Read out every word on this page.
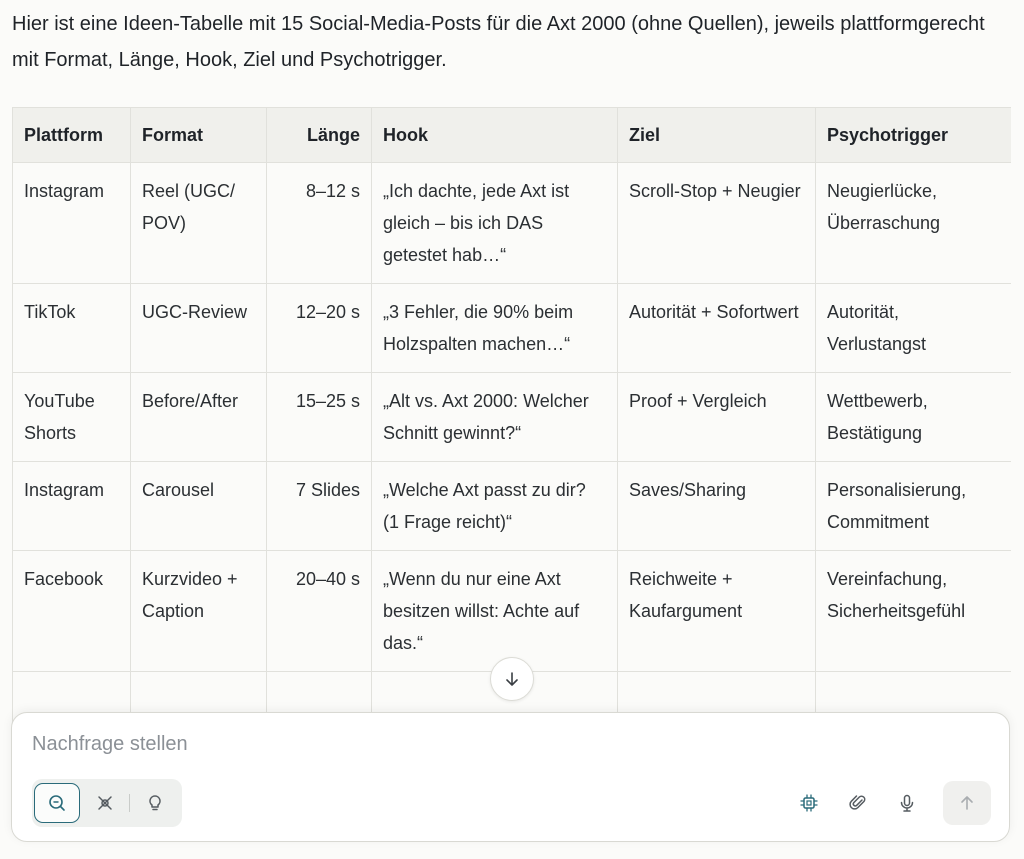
Hier ist eine Ideen-Tabelle mit 15 Social-Media-Posts für die Axt 2000 (ohne Quellen), jeweils plattformgerecht mit Format, Länge, Hook, Ziel und Psychotrigger.
Plattform	Format	Länge	Hook	Ziel	Psychotrigger
Instagram	Reel (UGC/ POV)	8–12 s	„Ich dachte, jede Axt ist gleich – bis ich DAS getestet hab…“	Scroll-Stop + Neugier	Neugierlücke, Überraschung
TikTok	UGC-Review	12–20 s	„3 Fehler, die 90% beim Holzspalten machen…“	Autorität + Sofortwert	Autorität, Verlustangst
YouTube Shorts	Before/After	15–25 s	„Alt vs. Axt 2000: Welcher Schnitt gewinnt?“	Proof + Vergleich	Wettbewerb, Bestätigung
Instagram	Carousel	7 Slides	„Welche Axt passt zu dir? (1 Frage reicht)“	Saves/Sharing	Personalisierung, Commitment
Facebook	Kurzvideo + Caption	20–40 s	„Wenn du nur eine Axt besitzen willst: Achte auf das.“	Reichweite + Kaufargument	Vereinfachung, Sicherheitsgefühl

Nachfrage stellen
